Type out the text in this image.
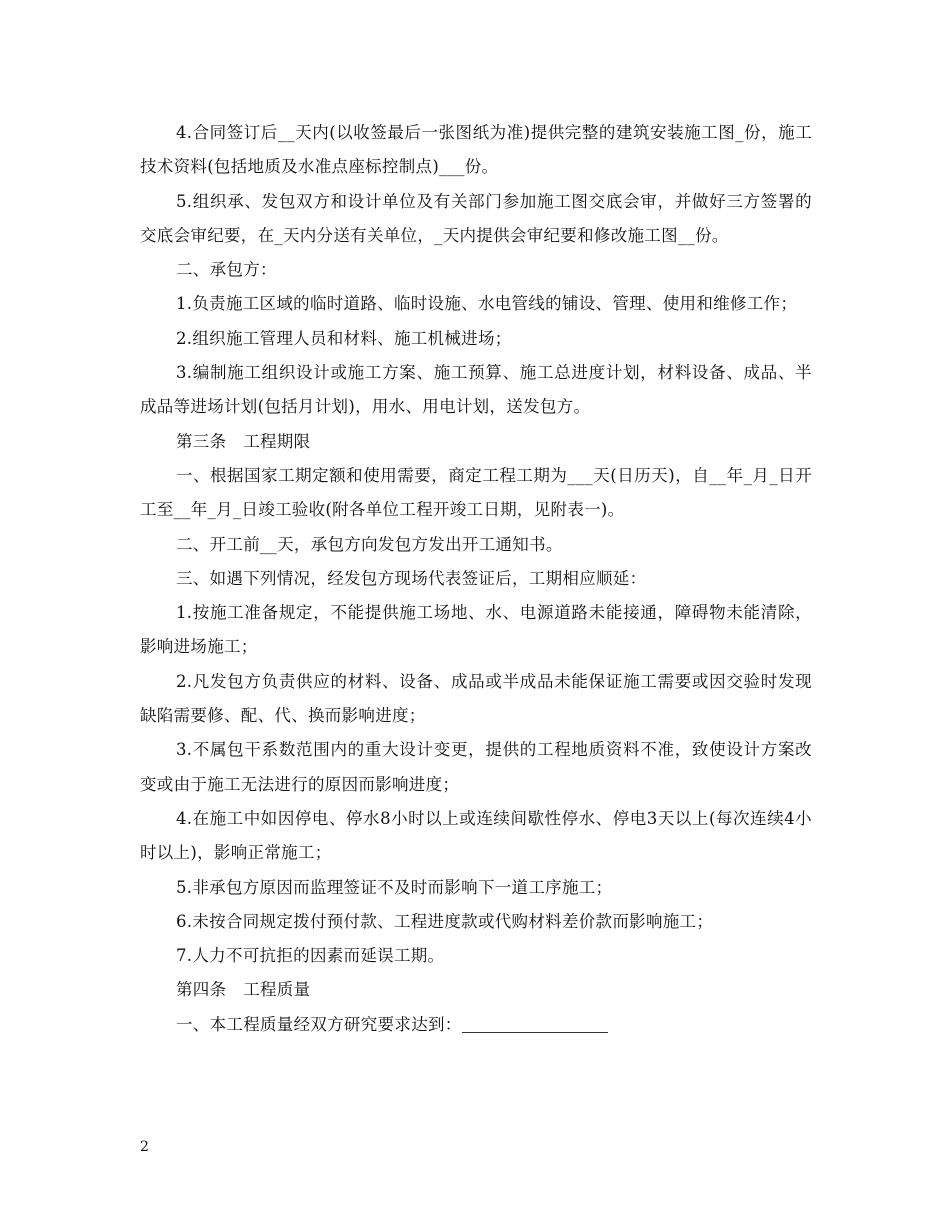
4.合同签订后__天内(以收签最后一张图纸为准)提供完整的建筑安装施工图_份，施工技术资料(包括地质及水准点座标控制点)___份。

5.组织承、发包双方和设计单位及有关部门参加施工图交底会审，并做好三方签署的交底会审纪要，在_天内分送有关单位，_天内提供会审纪要和修改施工图__份。

二、承包方：

1.负责施工区域的临时道路、临时设施、水电管线的铺设、管理、使用和维修工作；

2.组织施工管理人员和材料、施工机械进场；

3.编制施工组织设计或施工方案、施工预算、施工总进度计划，材料设备、成品、半成品等进场计划(包括月计划)，用水、用电计划，送发包方。

第三条　工程期限

一、根据国家工期定额和使用需要，商定工程工期为___天(日历天)，自__年_月_日开工至__年_月_日竣工验收(附各单位工程开竣工日期，见附表一)。

二、开工前__天，承包方向发包方发出开工通知书。

三、如遇下列情况，经发包方现场代表签证后，工期相应顺延：

1.按施工准备规定，不能提供施工场地、水、电源道路未能接通，障碍物未能清除，影响进场施工；

2.凡发包方负责供应的材料、设备、成品或半成品未能保证施工需要或因交验时发现缺陷需要修、配、代、换而影响进度；

3.不属包干系数范围内的重大设计变更，提供的工程地质资料不准，致使设计方案改变或由于施工无法进行的原因而影响进度；

4.在施工中如因停电、停水8小时以上或连续间歇性停水、停电3天以上(每次连续4小时以上)，影响正常施工；

5.非承包方原因而监理签证不及时而影响下一道工序施工；

6.未按合同规定拨付预付款、工程进度款或代购材料差价款而影响施工；

7.人力不可抗拒的因素而延误工期。

第四条　工程质量

一、本工程质量经双方研究要求达到：

2
